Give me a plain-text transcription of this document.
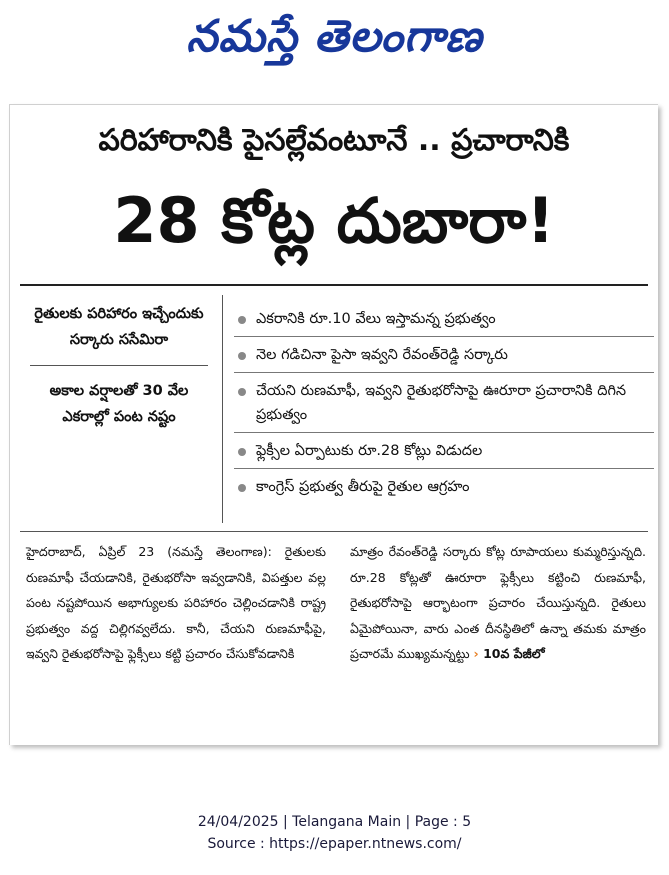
నమస్తే తెలంగాణ
పరిహారానికి పైసల్లేవంటూనే .. ప్రచారానికి
28 కోట్ల దుబారా!
రైతులకు పరిహారం ఇచ్చేందుకు సర్కారు ససేమిరా
అకాల వర్షాలతో 30 వేల ఎకరాల్లో పంట నష్టం
ఎకరానికి రూ.10 వేలు ఇస్తామన్న ప్రభుత్వం
నెల గడిచినా పైసా ఇవ్వని రేవంత్‌రెడ్డి సర్కారు
చేయని రుణమాఫీ, ఇవ్వని రైతుభరోసాపై ఊరూరా ప్రచారానికి దిగిన ప్రభుత్వం
ఫ్లెక్సీల ఏర్పాటుకు రూ.28 కోట్లు విడుదల
కాంగ్రెస్ ప్రభుత్వ తీరుపై రైతుల ఆగ్రహం
హైదరాబాద్, ఏప్రిల్ 23 (నమస్తే తెలంగాణ): రైతులకు రుణమాఫీ చేయడానికి, రైతుభరోసా ఇవ్వడానికి, విపత్తుల వల్ల పంట నష్టపోయిన అభాగ్యులకు పరిహారం చెల్లించడానికి రాష్ట్ర ప్రభుత్వం వద్ద చిల్లిగవ్వలేదు. కానీ, చేయని రుణమాఫీపై, ఇవ్వని రైతుభరోసాపై ఫ్లెక్సీలు కట్టి ప్రచారం చేసుకోవడానికి
మాత్రం రేవంత్‌రెడ్డి సర్కారు కోట్ల రూపాయలు కుమ్మరిస్తున్నది. రూ.28 కోట్లతో ఊరూరా ఫ్లెక్సీలు కట్టించి రుణమాఫీ, రైతుభరోసాపై ఆర్భాటంగా ప్రచారం చేయిస్తున్నది. రైతులు ఏమైపోయినా, వారు ఎంత దీనస్థితిలో ఉన్నా తమకు మాత్రం ప్రచారమే ముఖ్యమన్నట్టు › 10వ పేజీలో
24/04/2025 | Telangana Main | Page : 5
Source : https://epaper.ntnews.com/
